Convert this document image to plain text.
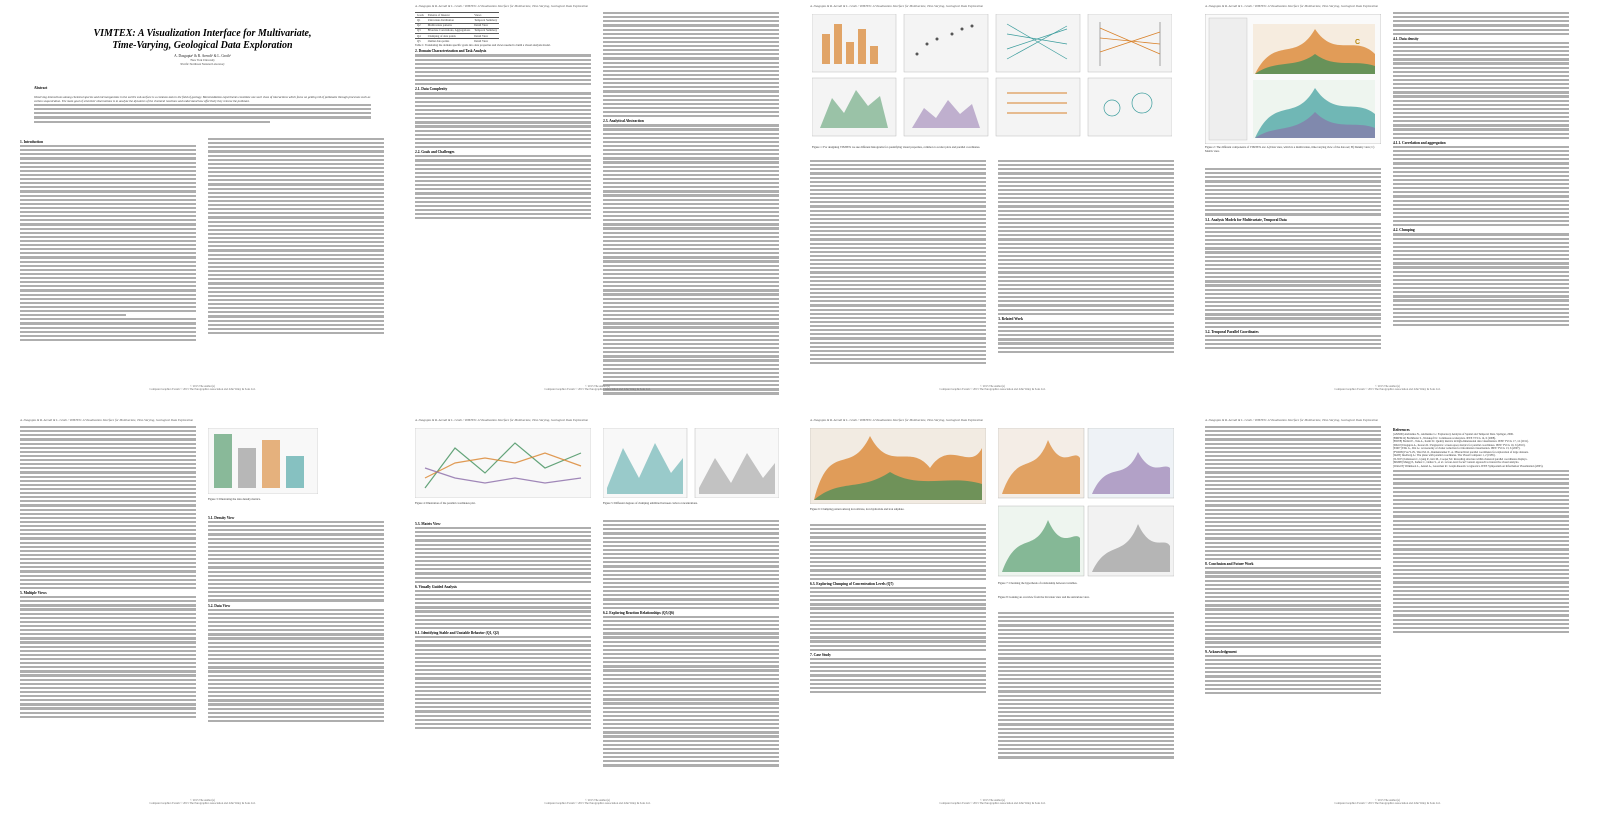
VIMTEX: A Visualization Interface for Multivariate,
Time-Varying, Geological Data Exploration
A. Dasgupta¹ & R. Arendt¹ & L. Groth¹
¹New York University
²Pacific Northwest National Laboratory
Abstract
Observing interactions among chemical species and microorganisms in the earth's sub-surface is a common task in the field of geology. Bioremediation experiments constitute one such class of interactions which focus on getting rid of pollutants through processes such as carbon sequestration. The main goal of scientists' observations is to analyze the dynamics of the chemical reactions and understand how effectively they remove the pollutant.
1. Introduction
© 2015 The Author(s)
Computer Graphics Forum © 2015 The Eurographics Association and John Wiley & Sons Ltd.
A. Dasgupta & R. Arendt & L. Groth / VIMTEX: A Visualization Interface for Multivariate, Time-Varying, Geological Data Exploration
Goals	Patterns of Interest	Views
Q1	Univariate distribution	Temporal Summary
Q2	Multivariate patterns	Detail View
Q3	Bivariate Correlations, Aggregations	Temporal Summary
Q4	Clumping of data points	Detail View
Q5	Outlier data points	Detail View
Table 1: Translating the domain specific goals into data properties and views needed to build a visual analysis model.
2. Domain Characterization and Task Analysis
2.1. Data Complexity
2.2. Goals and Challenges
2.3. Analytical Abstraction
© 2015 The Author(s)
Computer Graphics Forum © 2015 The Eurographics Association and John Wiley & Sons Ltd.
A. Dasgupta & R. Arendt & L. Groth / VIMTEX: A Visualization Interface for Multivariate, Time-Varying, Geological Data Exploration
Figure 1: For designing VIMTEX we use different histograms for quantifying visual properties, common to scatter plots and parallel coordinates.
3. Related Work
© 2015 The Author(s)
Computer Graphics Forum © 2015 The Eurographics Association and John Wiley & Sons Ltd.
A. Dasgupta & R. Arendt & L. Groth / VIMTEX: A Visualization Interface for Multivariate, Time-Varying, Geological Data Exploration
C
Figure 2: The different components of VIMTEX are: A) Data view, which is a multivariate, time-varying view of the data set; B) Density view; C) Matrix view.
3.1. Analysis Models for Multivariate, Temporal Data
3.2. Temporal Parallel Coordinates
4.1. Data density
4.1.1. Correlation and aggregation
4.2. Clumping
© 2015 The Author(s)
Computer Graphics Forum © 2015 The Eurographics Association and John Wiley & Sons Ltd.
A. Dasgupta & R. Arendt & L. Groth / VIMTEX: A Visualization Interface for Multivariate, Time-Varying, Geological Data Exploration
5. Multiple Views
Figure 3: Illustrating the data density metrics.
5.1. Density View
5.2. Data View
© 2015 The Author(s)
Computer Graphics Forum © 2015 The Eurographics Association and John Wiley & Sons Ltd.
A. Dasgupta & R. Arendt & L. Groth / VIMTEX: A Visualization Interface for Multivariate, Time-Varying, Geological Data Exploration
Figure 4: Illustration of the parallel coordinates plot.
5.3. Matrix View
6. Visually Guided Analysis
6.1. Identifying Stable and Unstable Behavior (Q1, Q2)
Figure 5: Different degrees of clumping exhibited between carbon concentrations.
6.2. Exploring Reaction Relationships (Q5,Q6)
© 2015 The Author(s)
Computer Graphics Forum © 2015 The Eurographics Association and John Wiley & Sons Ltd.
A. Dasgupta & R. Arendt & L. Groth / VIMTEX: A Visualization Interface for Multivariate, Time-Varying, Geological Data Exploration
Figure 6: Clumping pattern among iron silicate, iron hydroxide and iron sulphate.
6.3. Exploring Clumping of Concentration Levels (Q7)
7. Case Study
Figure 7: Checking the hypothesis of relationship between variables.
Figure 8: Gaining an overview from the bivariate view and the univariate view.
© 2015 The Author(s)
Computer Graphics Forum © 2015 The Eurographics Association and John Wiley & Sons Ltd.
A. Dasgupta & R. Arendt & L. Groth / VIMTEX: A Visualization Interface for Multivariate, Time-Varying, Geological Data Exploration
8. Conclusion and Future Work
9. Acknowledgement
References
[AMS06] Andrienko N., Andrienko G.: Exploratory Analysis of Spatial and Temporal Data. Springer, 2006.
[BMPM12] Bachthaler S., Weiskopf D.: Continuous scatterplots. IEEE TVCG 14, 6 (2008).
[BW08] Bertini E., Tatu A., Keim D.: Quality metrics in high-dimensional data visualization. IEEE TVCG 17, 12 (2011).
[DK10] Dasgupta A., Kosara R.: Pargnostics: screen-space metrics for parallel coordinates. IEEE TVCG 16, 6 (2010).
[ED07] Ellis G., Dix A.: A taxonomy of clutter reduction for information visualisation. IEEE TVCG 13, 6 (2007).
[FWR99] Fua Y.-H., Ward M. O., Rundensteiner E. A.: Hierarchical parallel coordinates for exploration of large datasets.
[Ins85] Inselberg A.: The plane with parallel coordinates. The Visual Computer 1, 2 (1985).
[JLJC05] Johansson J., Ljung P., Jern M., Cooper M.: Revealing structure within clustered parallel coordinates displays.
[MM08] Muigg P., Kehrer J., Oeltze S., et al.: A four-level focus+context approach to interactive visual analysis.
[WAG05] Wilkinson L., Anand A., Grossman R.: Graph-theoretic scagnostics. IEEE Symposium on Information Visualization (2005).
© 2015 The Author(s)
Computer Graphics Forum © 2015 The Eurographics Association and John Wiley & Sons Ltd.
